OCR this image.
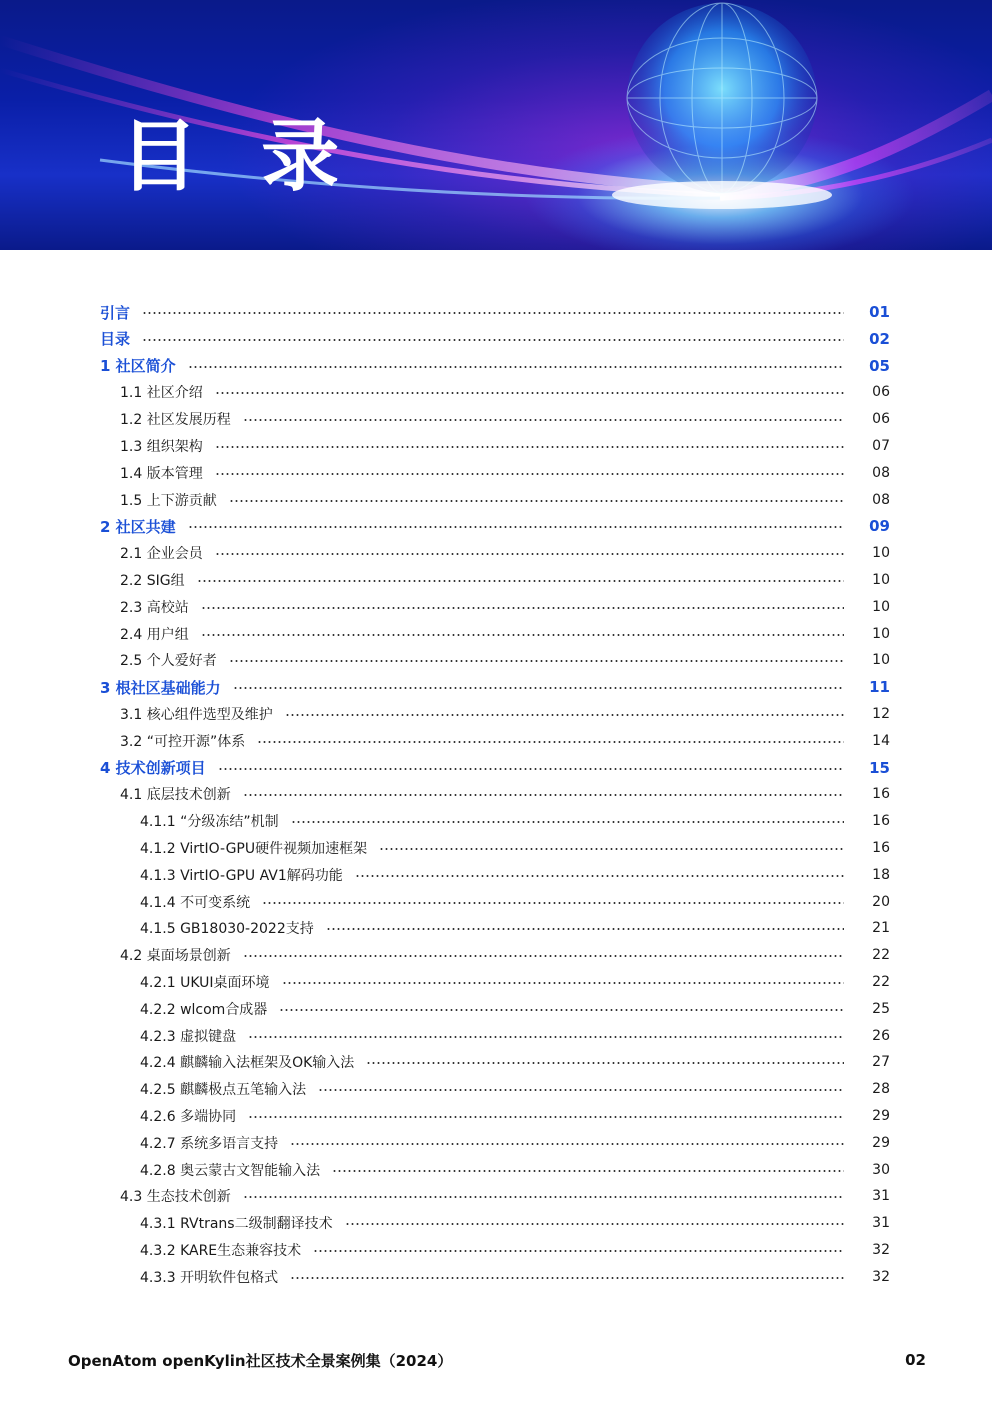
目 录
引言	01
目录	02
1 社区简介	05
1.1 社区介绍	06
1.2 社区发展历程	06
1.3 组织架构	07
1.4 版本管理	08
1.5 上下游贡献	08
2 社区共建	09
2.1 企业会员	10
2.2 SIG组	10
2.3 高校站	10
2.4 用户组	10
2.5 个人爱好者	10
3 根社区基础能力	11
3.1 核心组件选型及维护	12
3.2 “可控开源”体系	14
4 技术创新项目	15
4.1 底层技术创新	16
4.1.1 “分级冻结”机制	16
4.1.2 VirtIO-GPU硬件视频加速框架	16
4.1.3 VirtIO-GPU AV1解码功能	18
4.1.4 不可变系统	20
4.1.5 GB18030-2022支持	21
4.2 桌面场景创新	22
4.2.1 UKUI桌面环境	22
4.2.2 wlcom合成器	25
4.2.3 虚拟键盘	26
4.2.4 麒麟输入法框架及OK输入法	27
4.2.5 麒麟极点五笔输入法	28
4.2.6 多端协同	29
4.2.7 系统多语言支持	29
4.2.8 奥云蒙古文智能输入法	30
4.3 生态技术创新	31
4.3.1 RVtrans二级制翻译技术	31
4.3.2 KARE生态兼容技术	32
4.3.3 开明软件包格式	32
OpenAtom openKylin社区技术全景案例集（2024）	02
